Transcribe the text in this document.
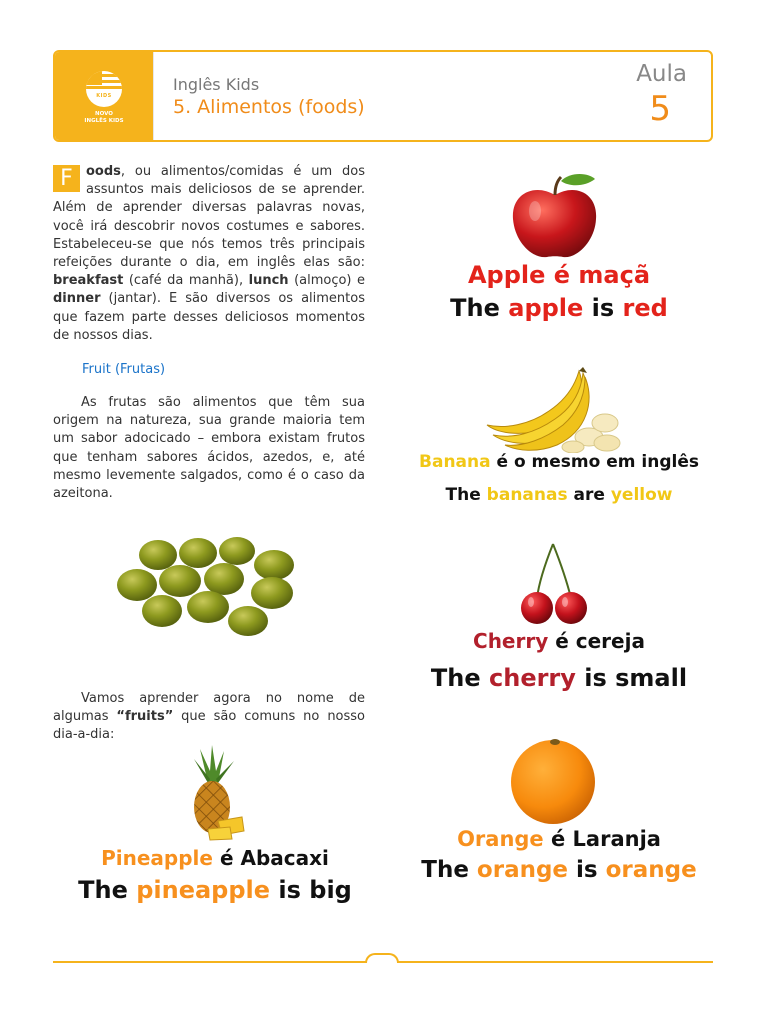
KIDS
NOVO
INGLÊS KIDS
Inglês Kids
5. Alimentos (foods)
Aula
5
F	oods, ou alimentos/comidas é um dos assuntos mais deliciosos de se aprender. Além de aprender diversas palavras novas, você irá descobrir novos costumes e sabores. Estabeleceu-se que nós temos três principais refeições durante o dia, em inglês elas são: breakfast (café da manhã), lunch (almoço) e dinner (jantar). E são diversos os alimentos que fazem parte desses deliciosos momentos de nossos dias.
Fruit (Frutas)
As frutas são alimentos que têm sua origem na natureza, sua grande maioria tem um sabor adocicado – embora existam frutos que tenham sabores ácidos, azedos, e, até mesmo levemente salgados, como é o caso da azeitona.
Vamos aprender agora no nome de algumas “fruits” que são comuns no nosso dia-a-dia:
Apple é maçã
The apple is red
Banana é o mesmo em inglês
The bananas are yellow
Cherry é cereja
The cherry is small
Orange é Laranja
The orange is orange
Pineapple é Abacaxi
The pineapple is big
